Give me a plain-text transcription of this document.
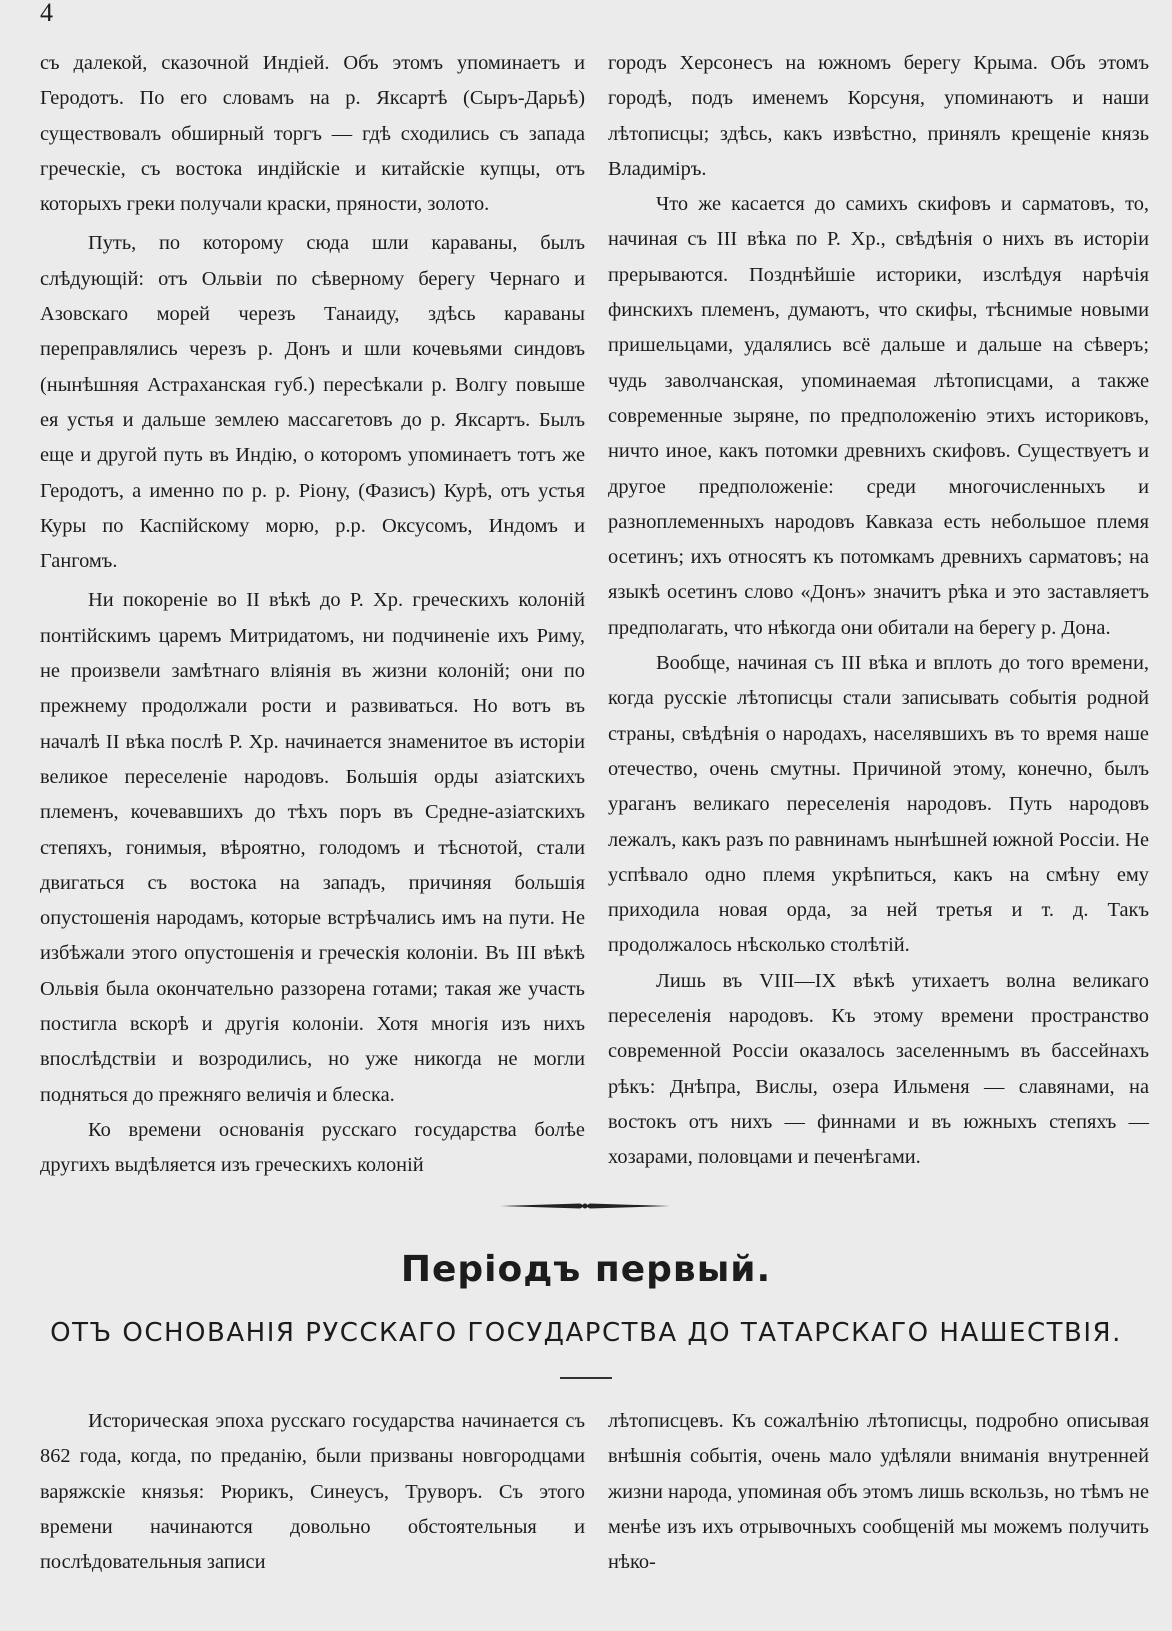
4

съ далекой, сказочной Индіей. Объ этомъ упоминаетъ и Геродотъ. По его словамъ на р. Яксартѣ (Сыръ-Дарьѣ) существовалъ обширный торгъ — гдѣ сходились съ запада греческіе, съ востока индійскіе и китайскіе купцы, отъ которыхъ греки получали краски, пряности, золото.

Путь, по которому сюда шли караваны, былъ слѣдующій: отъ Ольвіи по сѣверному берегу Чернаго и Азовскаго морей черезъ Танаиду, здѣсь караваны переправлялись черезъ р. Донъ и шли кочевьями синдовъ (нынѣшняя Астраханская губ.) пересѣкали р. Волгу повыше ея устья и дальше землею массагетовъ до р. Яксартъ. Былъ еще и другой путь въ Индію, о которомъ упоминаетъ тотъ же Геродотъ, а именно по р. р. Ріону, (Фазисъ) Курѣ, отъ устья Куры по Каспійскому морю, р.р. Оксусомъ, Индомъ и Гангомъ.

Ни покореніе во II вѣкѣ до Р. Хр. греческихъ колоній понтійскимъ царемъ Митридатомъ, ни подчиненіе ихъ Риму, не произвели замѣтнаго вліянія въ жизни колоній; они по прежнему продолжали рости и развиваться. Но вотъ въ началѣ II вѣка послѣ Р. Хр. начинается знаменитое въ исторіи великое переселеніе народовъ. Большія орды азіатскихъ племенъ, кочевавшихъ до тѣхъ поръ въ Средне-азіатскихъ степяхъ, гонимыя, вѣроятно, голодомъ и тѣснотой, стали двигаться съ востока на западъ, причиняя большія опустошенія народамъ, которые встрѣчались имъ на пути. Не избѣжали этого опустошенія и греческія колоніи. Въ III вѣкѣ Ольвія была окончательно раззорена готами; такая же участь постигла вскорѣ и другія колоніи. Хотя многія изъ нихъ впослѣдствіи и возродились, но уже никогда не могли подняться до прежняго величія и блеска.

Ко времени основанія русскаго государства болѣе другихъ выдѣляется изъ греческихъ колоній

городъ Херсонесъ на южномъ берегу Крыма. Объ этомъ городѣ, подъ именемъ Корсуня, упоминаютъ и наши лѣтописцы; здѣсь, какъ извѣстно, принялъ крещеніе князь Владиміръ.

Что же касается до самихъ скифовъ и сарматовъ, то, начиная съ III вѣка по Р. Хр., свѣдѣнія о нихъ въ исторіи прерываются. Позднѣйшіе историки, изслѣдуя нарѣчія финскихъ племенъ, думаютъ, что скифы, тѣснимые новыми пришельцами, удалялись всё дальше и дальше на сѣверъ; чудь заволчанская, упоминаемая лѣтописцами, а также современные зыряне, по предположенію этихъ историковъ, ничто иное, какъ потомки древнихъ скифовъ. Существуетъ и другое предположеніе: среди многочисленныхъ и разноплеменныхъ народовъ Кавказа есть небольшое племя осетинъ; ихъ относятъ къ потомкамъ древнихъ сарматовъ; на языкѣ осетинъ слово «Донъ» значитъ рѣка и это заставляетъ предполагать, что нѣкогда они обитали на берегу р. Дона.

Вообще, начиная съ III вѣка и вплоть до того времени, когда русскіе лѣтописцы стали записывать событія родной страны, свѣдѣнія о народахъ, населявшихъ въ то время наше отечество, очень смутны. Причиной этому, конечно, былъ ураганъ великаго переселенія народовъ. Путь народовъ лежалъ, какъ разъ по равнинамъ нынѣшней южной Россіи. Не успѣвало одно племя укрѣпиться, какъ на смѣну ему приходила новая орда, за ней третья и т. д. Такъ продолжалось нѣсколько столѣтій.

Лишь въ VIII—IX вѣкѣ утихаетъ волна великаго переселенія народовъ. Къ этому времени пространство современной Россіи оказалось заселеннымъ въ бассейнахъ рѣкъ: Днѣпра, Вислы, озера Ильменя — славянами, на востокъ отъ нихъ — финнами и въ южныхъ степяхъ — хозарами, половцами и печенѣгами.

Періодъ первый.
ОТЪ ОСНОВАНІЯ РУССКАГО ГОСУДАРСТВА ДО ТАТАРСКАГО НАШЕСТВІЯ.

Историческая эпоха русскаго государства начинается съ 862 года, когда, по преданію, были призваны новгородцами варяжскіе князья: Рюрикъ, Синеусъ, Труворъ. Съ этого времени начинаются довольно обстоятельныя и послѣдовательныя записи

лѣтописцевъ. Къ сожалѣнію лѣтописцы, подробно описывая внѣшнія событія, очень мало удѣляли вниманія внутренней жизни народа, упоминая объ этомъ лишь вскользь, но тѣмъ не менѣе изъ ихъ отрывочныхъ сообщеній мы можемъ получить нѣко-
